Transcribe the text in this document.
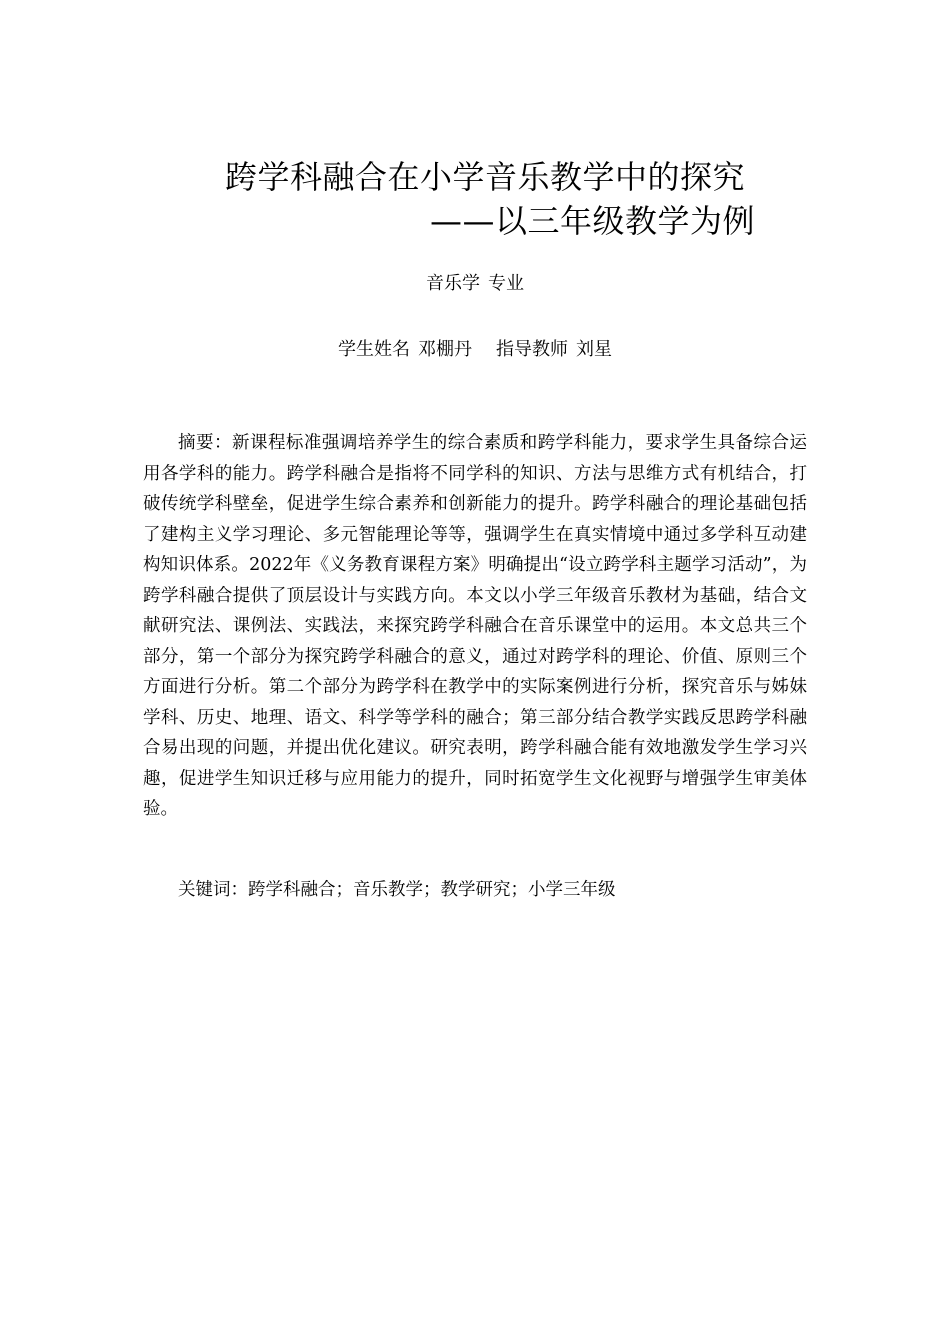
跨学科融合在小学音乐教学中的探究
——以三年级教学为例
音乐学 专业
学生姓名 邓棚丹 指导教师 刘星

摘要：新课程标准强调培养学生的综合素质和跨学科能力，要求学生具备综合运用各学科的能力。跨学科融合是指将不同学科的知识、方法与思维方式有机结合，打破传统学科壁垒，促进学生综合素养和创新能力的提升。跨学科融合的理论基础包括了建构主义学习理论、多元智能理论等等，强调学生在真实情境中通过多学科互动建构知识体系。2022年《义务教育课程方案》明确提出“设立跨学科主题学习活动”，为跨学科融合提供了顶层设计与实践方向。本文以小学三年级音乐教材为基础，结合文献研究法、课例法、实践法，来探究跨学科融合在音乐课堂中的运用。本文总共三个部分，第一个部分为探究跨学科融合的意义，通过对跨学科的理论、价值、原则三个方面进行分析。第二个部分为跨学科在教学中的实际案例进行分析，探究音乐与姊妹学科、历史、地理、语文、科学等学科的融合；第三部分结合教学实践反思跨学科融合易出现的问题，并提出优化建议。研究表明，跨学科融合能有效地激发学生学习兴趣，促进学生知识迁移与应用能力的提升，同时拓宽学生文化视野与增强学生审美体验。

关键词：跨学科融合；音乐教学；教学研究；小学三年级
